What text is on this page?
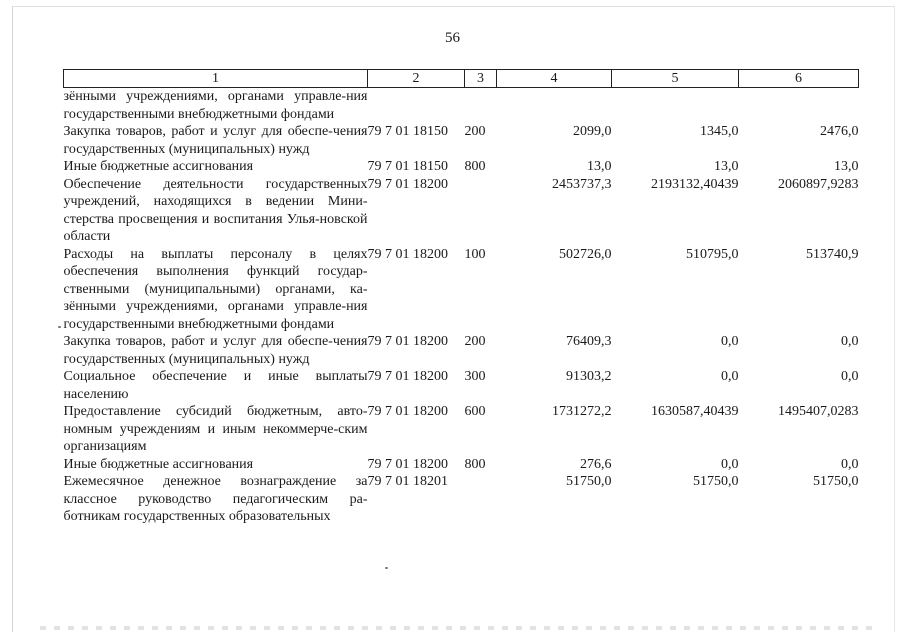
56
1	2	3	4	5	6
зёнными учреждениями, органами управле-ния государственными внебюджетными фондами					
Закупка товаров, работ и услуг для обеспе-чения государственных (муниципальных) нужд	79 7 01 18150	200	2099,0	1345,0	2476,0
Иные бюджетные ассигнования	79 7 01 18150	800	13,0	13,0	13,0
Обеспечение деятельности государственных учреждений, находящихся в ведении Мини-стерства просвещения и воспитания Улья-новской области	79 7 01 18200		2453737,3	2193132,40439	2060897,9283
Расходы на выплаты персоналу в целях обеспечения выполнения функций государ-ственными (муниципальными) органами, ка-зёнными учреждениями, органами управле-ния государственными внебюджетными фондами	79 7 01 18200	100	502726,0	510795,0	513740,9
Закупка товаров, работ и услуг для обеспе-чения государственных (муниципальных) нужд	79 7 01 18200	200	76409,3	0,0	0,0
Социальное обеспечение и иные выплаты населению	79 7 01 18200	300	91303,2	0,0	0,0
Предоставление субсидий бюджетным, авто-номным учреждениям и иным некоммерче-ским организациям	79 7 01 18200	600	1731272,2	1630587,40439	1495407,0283
Иные бюджетные ассигнования	79 7 01 18200	800	276,6	0,0	0,0
Ежемесячное денежное вознаграждение за классное руководство педагогическим ра-ботникам государственных образовательных	79 7 01 18201		51750,0	51750,0	51750,0
